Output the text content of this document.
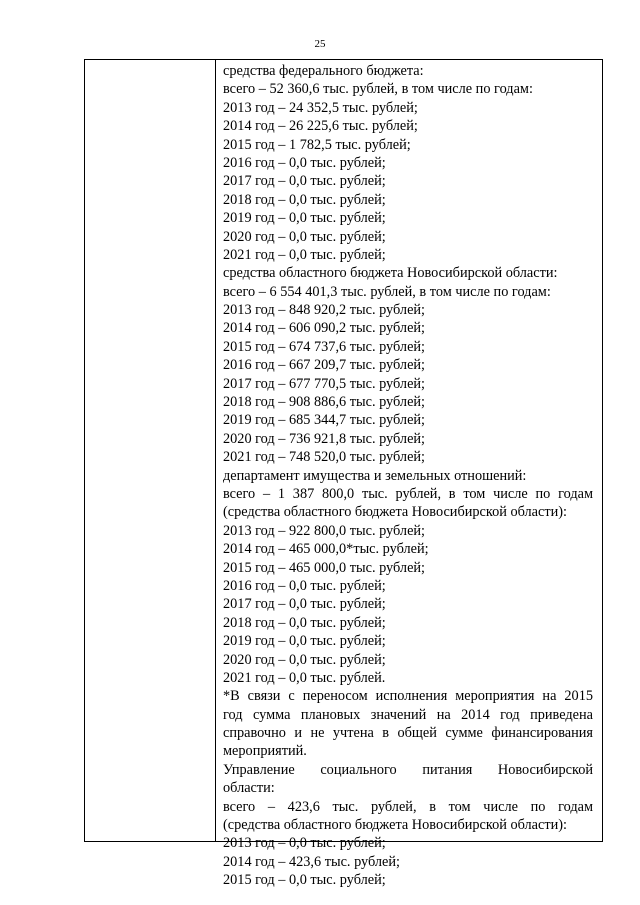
25
средства федерального бюджета:
всего – 52 360,6 тыс. рублей, в том числе по годам:
2013 год – 24 352,5 тыс. рублей;
2014 год – 26 225,6 тыс. рублей;
2015 год – 1 782,5 тыс. рублей;
2016 год – 0,0 тыс. рублей;
2017 год – 0,0 тыс. рублей;
2018 год – 0,0 тыс. рублей;
2019 год – 0,0 тыс. рублей;
2020 год – 0,0 тыс. рублей;
2021 год – 0,0 тыс. рублей;
средства областного бюджета Новосибирской области:
всего – 6 554 401,3 тыс. рублей, в том числе по годам:
2013 год – 848 920,2 тыс. рублей;
2014 год – 606 090,2 тыс. рублей;
2015 год – 674 737,6 тыс. рублей;
2016 год – 667 209,7 тыс. рублей;
2017 год – 677 770,5 тыс. рублей;
2018 год – 908 886,6 тыс. рублей;
2019 год – 685 344,7 тыс. рублей;
2020 год – 736 921,8 тыс. рублей;
2021 год – 748 520,0 тыс. рублей;
департамент имущества и земельных отношений:
всего – 1 387 800,0 тыс. рублей, в том числе по годам
(средства областного бюджета Новосибирской области):
2013 год – 922 800,0 тыс. рублей;
2014 год – 465 000,0*тыс. рублей;
2015 год – 465 000,0 тыс. рублей;
2016 год – 0,0 тыс. рублей;
2017 год – 0,0 тыс. рублей;
2018 год – 0,0 тыс. рублей;
2019 год – 0,0 тыс. рублей;
2020 год – 0,0 тыс. рублей;
2021 год – 0,0 тыс. рублей.
*В связи с переносом исполнения мероприятия на 2015
год сумма плановых значений на 2014 год приведена
справочно и не учтена в общей сумме финансирования
мероприятий.
Управление социального питания Новосибирской
области:
всего – 423,6 тыс. рублей, в том числе по годам
(средства областного бюджета Новосибирской области):
2013 год – 0,0 тыс. рублей;
2014 год – 423,6 тыс. рублей;
2015 год – 0,0 тыс. рублей;
